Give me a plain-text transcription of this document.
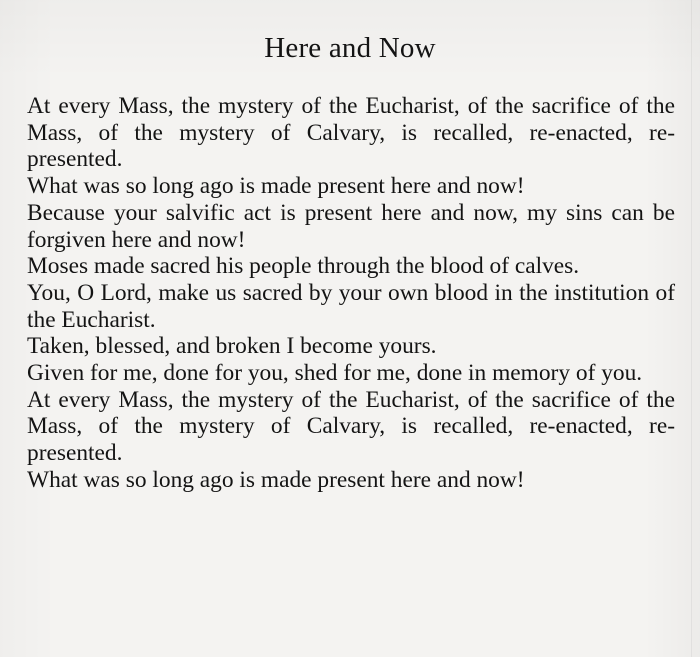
Here and Now

At every Mass, the mystery of the Eucharist, of the sacrifice of the Mass, of the mystery of Calvary, is recalled, re-enacted, re-presented.

What was so long ago is made present here and now!

Because your salvific act is present here and now, my sins can be forgiven here and now!

Moses made sacred his people through the blood of calves.

You, O Lord, make us sacred by your own blood in the institution of the Eucharist.

Taken, blessed, and broken I become yours.

Given for me, done for you, shed for me, done in memory of you.

At every Mass, the mystery of the Eucharist, of the sacrifice of the Mass, of the mystery of Calvary, is recalled, re-enacted, re-presented.

What was so long ago is made present here and now!
